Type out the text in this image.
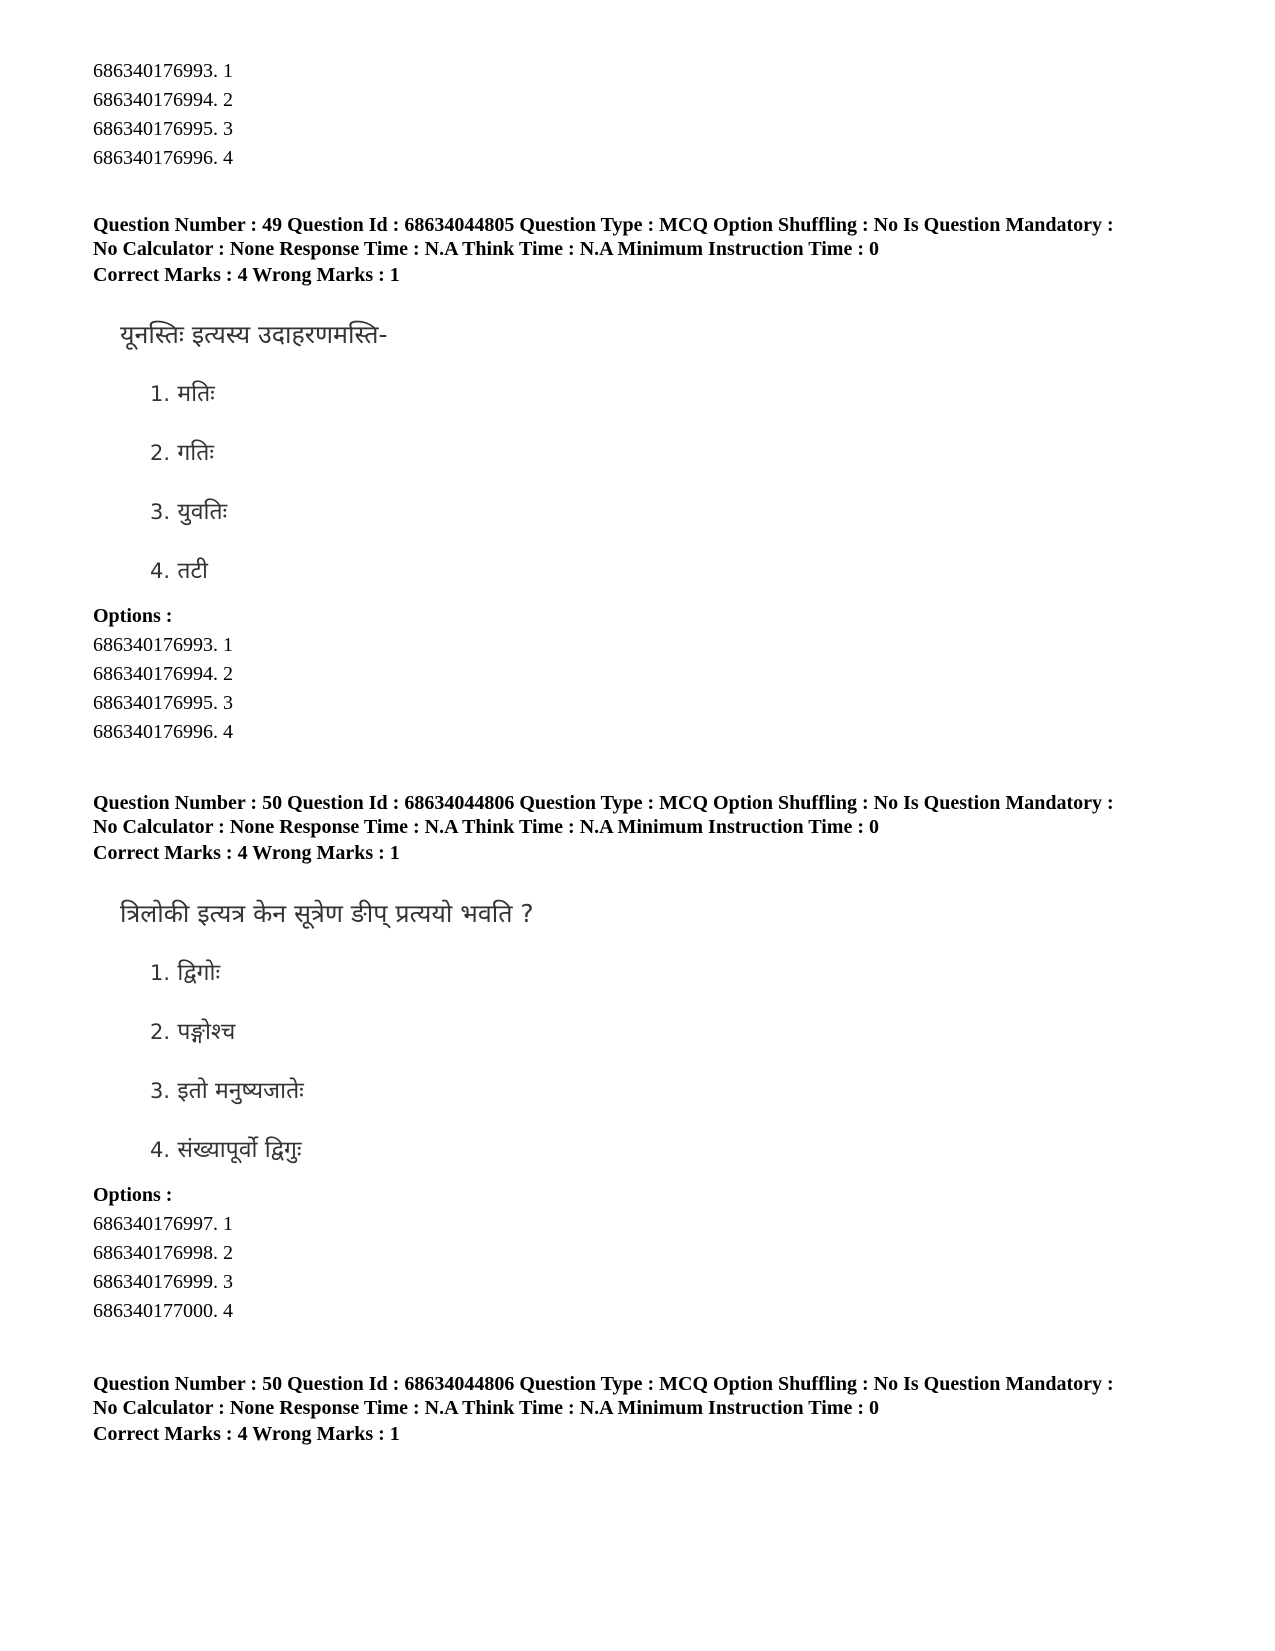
686340176993. 1

686340176994. 2

686340176995. 3

686340176996. 4

Question Number : 49 Question Id : 68634044805 Question Type : MCQ Option Shuffling : No Is Question Mandatory :

No Calculator : None Response Time : N.A Think Time : N.A Minimum Instruction Time : 0

Correct Marks : 4 Wrong Marks : 1

यूनस्तिः इत्यस्य उदाहरणमस्ति-

1. मतिः

2. गतिः

3. युवतिः

4. तटी

Options :

686340176993. 1

686340176994. 2

686340176995. 3

686340176996. 4

Question Number : 50 Question Id : 68634044806 Question Type : MCQ Option Shuffling : No Is Question Mandatory :

No Calculator : None Response Time : N.A Think Time : N.A Minimum Instruction Time : 0

Correct Marks : 4 Wrong Marks : 1

त्रिलोकी इत्यत्र केन सूत्रेण ङीप् प्रत्ययो भवति ?

1. द्विगोः

2. पङ्गोश्च

3. इतो मनुष्यजातेः

4. संख्यापूर्वो द्विगुः

Options :

686340176997. 1

686340176998. 2

686340176999. 3

686340177000. 4

Question Number : 50 Question Id : 68634044806 Question Type : MCQ Option Shuffling : No Is Question Mandatory :

No Calculator : None Response Time : N.A Think Time : N.A Minimum Instruction Time : 0

Correct Marks : 4 Wrong Marks : 1
